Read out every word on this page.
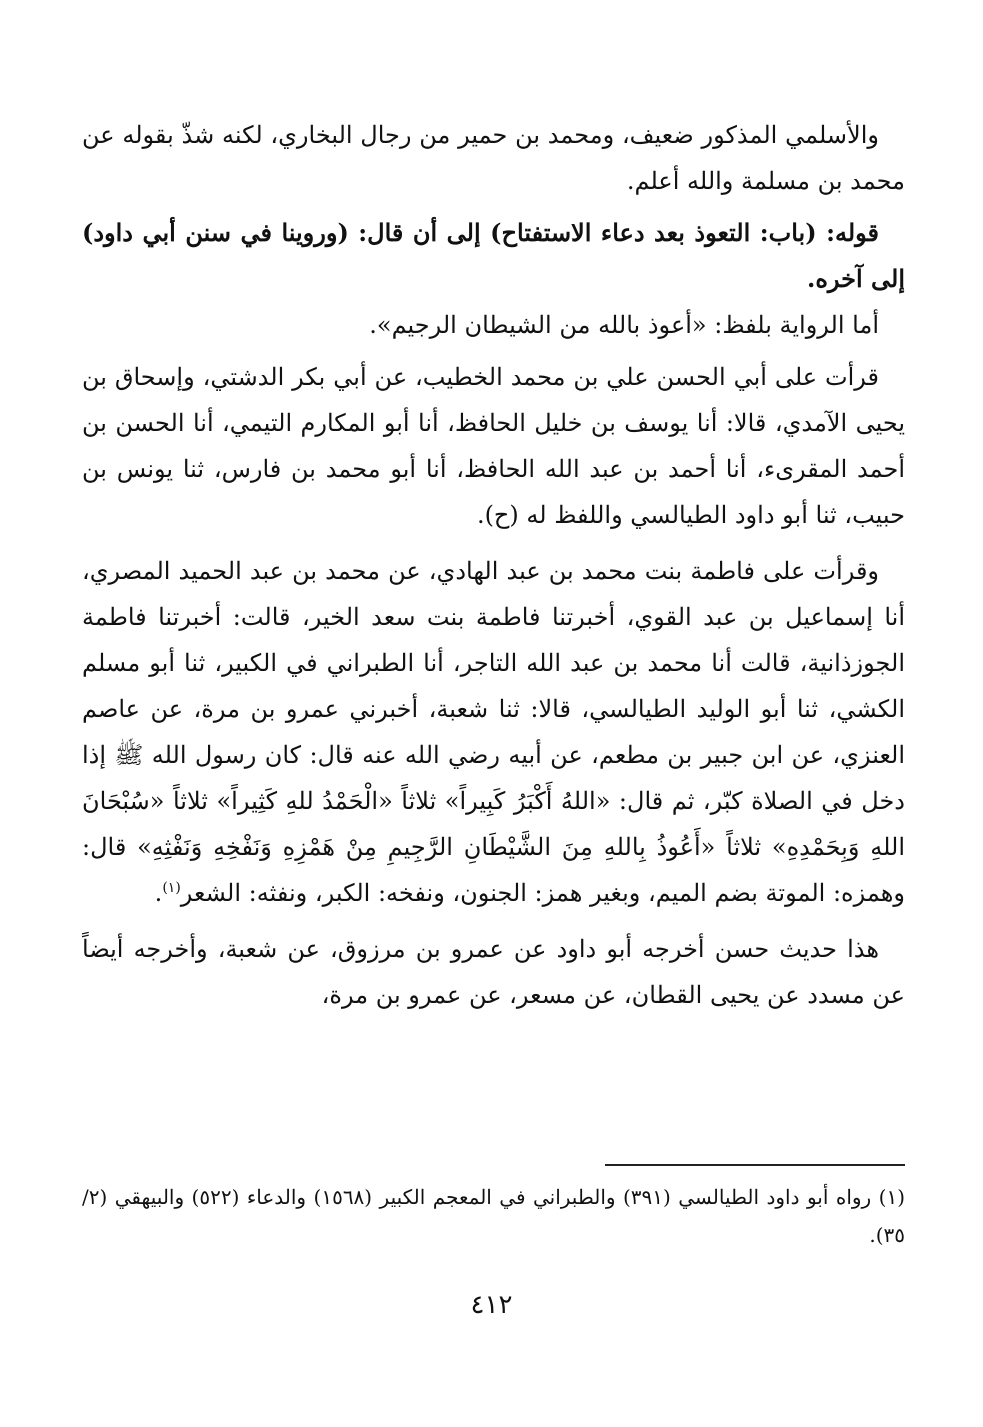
والأسلمي المذكور ضعيف، ومحمد بن حمير من رجال البخاري، لكنه شذّ بقوله عن محمد بن مسلمة والله أعلم.

قوله: (باب: التعوذ بعد دعاء الاستفتاح) إلى أن قال: (وروينا في سنن أبي داود) إلى آخره.

أما الرواية بلفظ: «أعوذ بالله من الشيطان الرجيم».

قرأت على أبي الحسن علي بن محمد الخطيب، عن أبي بكر الدشتي، وإسحاق بن يحيى الآمدي، قالا: أنا يوسف بن خليل الحافظ، أنا أبو المكارم التيمي، أنا الحسن بن أحمد المقرىء، أنا أحمد بن عبد الله الحافظ، أنا أبو محمد بن فارس، ثنا يونس بن حبيب، ثنا أبو داود الطيالسي واللفظ له (ح).

وقرأت على فاطمة بنت محمد بن عبد الهادي، عن محمد بن عبد الحميد المصري، أنا إسماعيل بن عبد القوي، أخبرتنا فاطمة بنت سعد الخير، قالت: أخبرتنا فاطمة الجوزذانية، قالت أنا محمد بن عبد الله التاجر، أنا الطبراني في الكبير، ثنا أبو مسلم الكشي، ثنا أبو الوليد الطيالسي، قالا: ثنا شعبة، أخبرني عمرو بن مرة، عن عاصم العنزي، عن ابن جبير بن مطعم، عن أبيه رضي الله عنه قال: كان رسول الله ﷺ إذا دخل في الصلاة كبّر، ثم قال: «اللهُ أَكْبَرُ كَبِيراً» ثلاثاً «الْحَمْدُ للهِ كَثِيراً» ثلاثاً «سُبْحَانَ اللهِ وَبِحَمْدِهِ» ثلاثاً «أَعُوذُ بِاللهِ مِنَ الشَّيْطَانِ الرَّجِيمِ مِنْ هَمْزِهِ وَنَفْخِهِ وَنَفْثِهِ» قال: وهمزه: الموتة بضم الميم، وبغير همز: الجنون، ونفخه: الكبر، ونفثه: الشعر$^{(١)}$.

هذا حديث حسن أخرجه أبو داود عن عمرو بن مرزوق، عن شعبة، وأخرجه أيضاً عن مسدد عن يحيى القطان، عن مسعر، عن عمرو بن مرة،

(١) رواه أبو داود الطيالسي (٣٩١) والطبراني في المعجم الكبير (١٥٦٨) والدعاء (٥٢٢) والبيهقي (٢/ ٣٥).

٤١٢
